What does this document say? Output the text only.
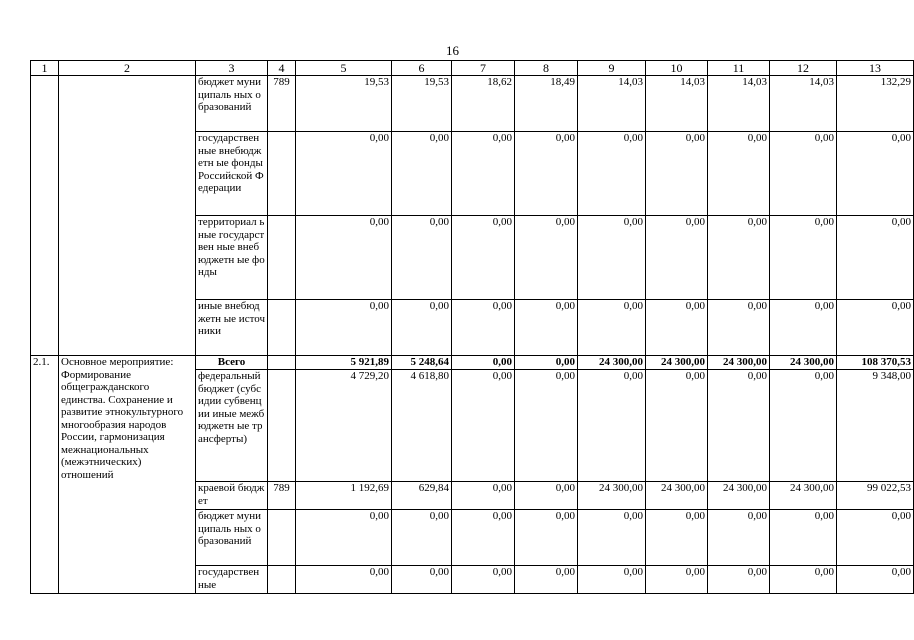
16
1	2	3	4	5	6	7	8	9	10	11	12	13
		бюджет муниципаль ных образований	789	19,53	19,53	18,62	18,49	14,03	14,03	14,03	14,03	132,29
		государствен ные внебюджетн ые фонды Российской Федерации		0,00	0,00	0,00	0,00	0,00	0,00	0,00	0,00	0,00
		территориал ьные государствен ные внебюджетн ые фонды		0,00	0,00	0,00	0,00	0,00	0,00	0,00	0,00	0,00
		иные внебюджетн ые источники		0,00	0,00	0,00	0,00	0,00	0,00	0,00	0,00	0,00
2.1.	Основное мероприятие: Формирование общегражданского единства. Сохранение и развитие этнокультурного многообразия народов России, гармонизация межнациональных (межэтнических) отношений	Всего		5 921,89	5 248,64	0,00	0,00	24 300,00	24 300,00	24 300,00	24 300,00	108 370,53
		федеральный бюджет (субсидии субвенции иные межбюджетн ые трансферты)		4 729,20	4 618,80	0,00	0,00	0,00	0,00	0,00	0,00	9 348,00
		краевой бюджет	789	1 192,69	629,84	0,00	0,00	24 300,00	24 300,00	24 300,00	24 300,00	99 022,53
		бюджет муниципаль ных образований		0,00	0,00	0,00	0,00	0,00	0,00	0,00	0,00	0,00
		государствен ные		0,00	0,00	0,00	0,00	0,00	0,00	0,00	0,00	0,00
